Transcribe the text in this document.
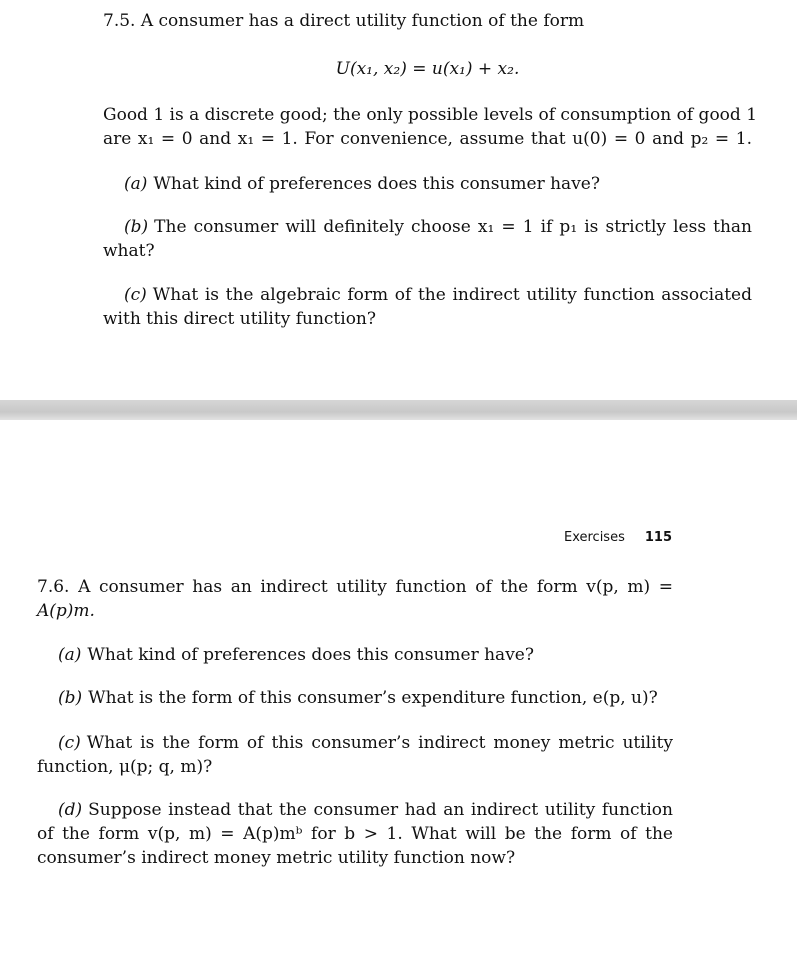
7.5. A consumer has a direct utility function of the form
U(x₁, x₂) = u(x₁) + x₂.
Good 1 is a discrete good; the only possible levels of consumption of good 1
are x₁ = 0 and x₁ = 1. For convenience, assume that u(0) = 0 and p₂ = 1.
(a) What kind of preferences does this consumer have?
(b) The consumer will definitely choose x₁ = 1 if p₁ is strictly less than
what?
(c) What is the algebraic form of the indirect utility function associated
with this direct utility function?
Exercises 115
7.6. A consumer has an indirect utility function of the form v(p, m) =
A(p)m.
(a) What kind of preferences does this consumer have?
(b) What is the form of this consumer’s expenditure function, e(p, u)?
(c) What is the form of this consumer’s indirect money metric utility
function, μ(p; q, m)?
(d) Suppose instead that the consumer had an indirect utility function
of the form v(p, m) = A(p)mᵇ for b > 1. What will be the form of the
consumer’s indirect money metric utility function now?
